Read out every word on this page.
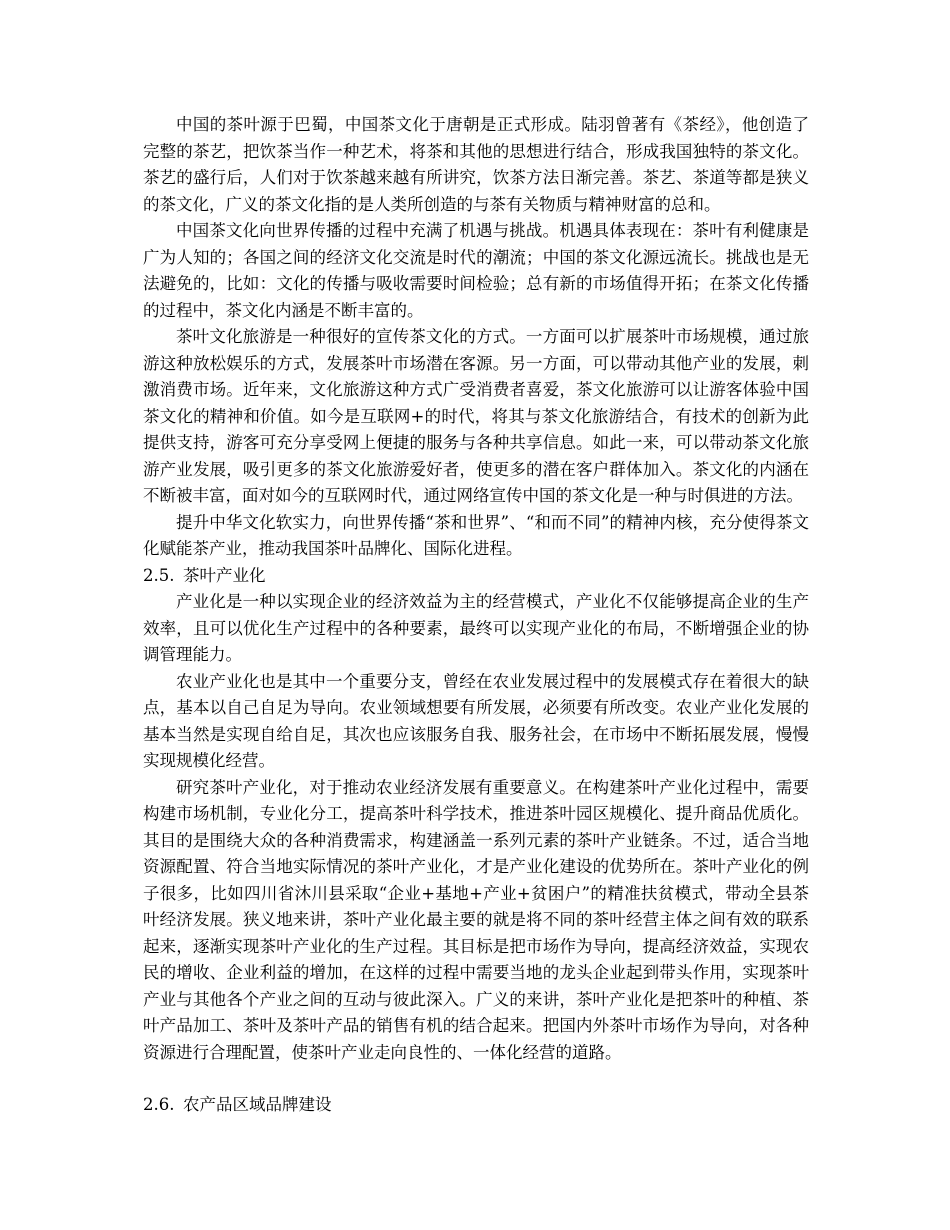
中国的茶叶源于巴蜀，中国茶文化于唐朝是正式形成。陆羽曾著有《茶经》，他创造了完整的茶艺，把饮茶当作一种艺术，将茶和其他的思想进行结合，形成我国独特的茶文化。茶艺的盛行后，人们对于饮茶越来越有所讲究，饮茶方法日渐完善。茶艺、茶道等都是狭义的茶文化，广义的茶文化指的是人类所创造的与茶有关物质与精神财富的总和。

中国茶文化向世界传播的过程中充满了机遇与挑战。机遇具体表现在：茶叶有利健康是广为人知的；各国之间的经济文化交流是时代的潮流；中国的茶文化源远流长。挑战也是无法避免的，比如：文化的传播与吸收需要时间检验；总有新的市场值得开拓；在茶文化传播的过程中，茶文化内涵是不断丰富的。

茶叶文化旅游是一种很好的宣传茶文化的方式。一方面可以扩展茶叶市场规模，通过旅游这种放松娱乐的方式，发展茶叶市场潜在客源。另一方面，可以带动其他产业的发展，刺激消费市场。近年来，文化旅游这种方式广受消费者喜爱，茶文化旅游可以让游客体验中国茶文化的精神和价值。如今是互联网+的时代，将其与茶文化旅游结合，有技术的创新为此提供支持，游客可充分享受网上便捷的服务与各种共享信息。如此一来，可以带动茶文化旅游产业发展，吸引更多的茶文化旅游爱好者，使更多的潜在客户群体加入。茶文化的内涵在不断被丰富，面对如今的互联网时代，通过网络宣传中国的茶文化是一种与时俱进的方法。

提升中华文化软实力，向世界传播“茶和世界”、“和而不同”的精神内核，充分使得茶文化赋能茶产业，推动我国茶叶品牌化、国际化进程。

2.5. 茶叶产业化

产业化是一种以实现企业的经济效益为主的经营模式，产业化不仅能够提高企业的生产效率，且可以优化生产过程中的各种要素，最终可以实现产业化的布局，不断增强企业的协调管理能力。

农业产业化也是其中一个重要分支，曾经在农业发展过程中的发展模式存在着很大的缺点，基本以自己自足为导向。农业领域想要有所发展，必须要有所改变。农业产业化发展的基本当然是实现自给自足，其次也应该服务自我、服务社会，在市场中不断拓展发展，慢慢实现规模化经营。

研究茶叶产业化，对于推动农业经济发展有重要意义。在构建茶叶产业化过程中，需要构建市场机制，专业化分工，提高茶叶科学技术，推进茶叶园区规模化、提升商品优质化。其目的是围绕大众的各种消费需求，构建涵盖一系列元素的茶叶产业链条。不过，适合当地资源配置、符合当地实际情况的茶叶产业化，才是产业化建设的优势所在。茶叶产业化的例子很多，比如四川省沐川县采取“企业+基地+产业+贫困户”的精准扶贫模式，带动全县茶叶经济发展。狭义地来讲，茶叶产业化最主要的就是将不同的茶叶经营主体之间有效的联系起来，逐渐实现茶叶产业化的生产过程。其目标是把市场作为导向，提高经济效益，实现农民的增收、企业利益的增加，在这样的过程中需要当地的龙头企业起到带头作用，实现茶叶产业与其他各个产业之间的互动与彼此深入。广义的来讲，茶叶产业化是把茶叶的种植、茶叶产品加工、茶叶及茶叶产品的销售有机的结合起来。把国内外茶叶市场作为导向，对各种资源进行合理配置，使茶叶产业走向良性的、一体化经营的道路。

2.6. 农产品区域品牌建设
